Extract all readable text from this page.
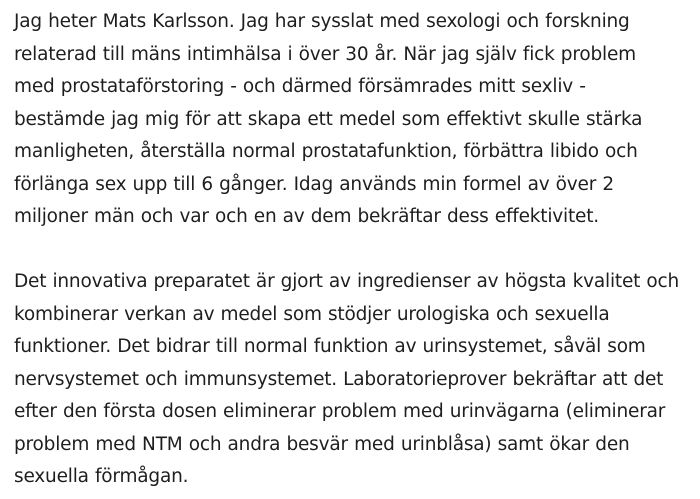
Jag heter Mats Karlsson. Jag har sysslat med sexologi och forskning
relaterad till mäns intimhälsa i över 30 år. När jag själv fick problem
med prostataförstoring - och därmed försämrades mitt sexliv -
bestämde jag mig för att skapa ett medel som effektivt skulle stärka
manligheten, återställa normal prostatafunktion, förbättra libido och
förlänga sex upp till 6 gånger. Idag används min formel av över 2
miljoner män och var och en av dem bekräftar dess effektivitet.

Det innovativa preparatet är gjort av ingredienser av högsta kvalitet och
kombinerar verkan av medel som stödjer urologiska och sexuella
funktioner. Det bidrar till normal funktion av urinsystemet, såväl som
nervsystemet och immunsystemet. Laboratorieprover bekräftar att det
efter den första dosen eliminerar problem med urinvägarna (eliminerar
problem med NTM och andra besvär med urinblåsa) samt ökar den
sexuella förmågan.
